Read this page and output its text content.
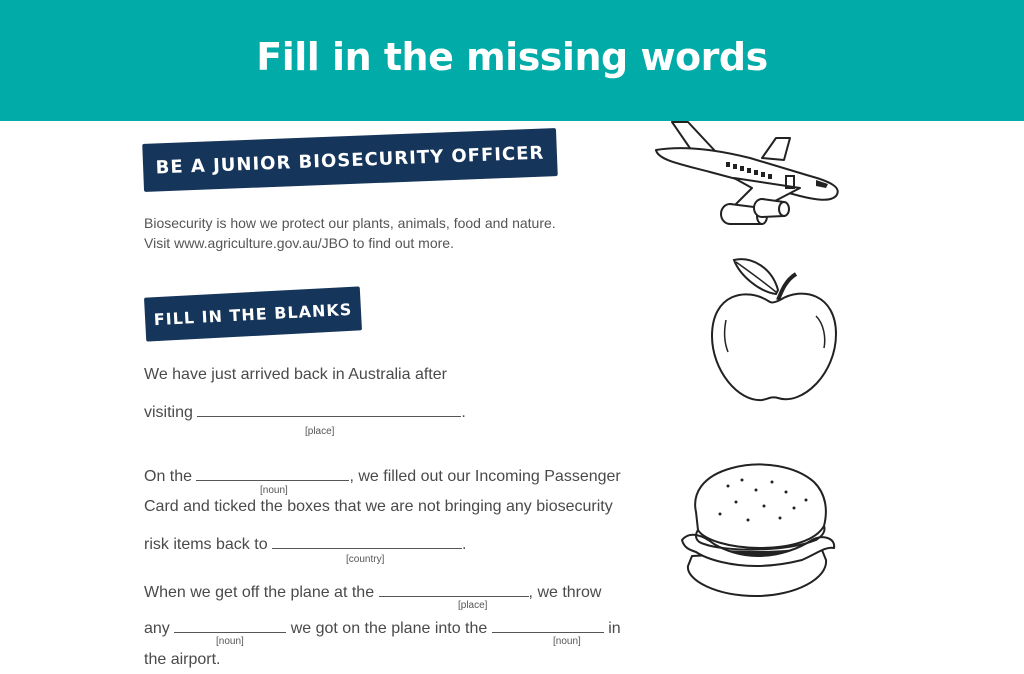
Fill in the missing words
BE A JUNIOR BIOSECURITY OFFICER
Biosecurity is how we protect our plants, animals, food and nature.
Visit www.agriculture.gov.au/JBO to find out more.
FILL IN THE BLANKS
We have just arrived back in Australia after
visiting	.
[place]
On the	, we filled out our Incoming Passenger
[noun]
Card and ticked the boxes that we are not bringing any biosecurity
risk items back to	.
[country]
When we get off the plane at the	, we throw
[place]
any	we got on the plane into the	in
[noun]	[noun]
the airport.
